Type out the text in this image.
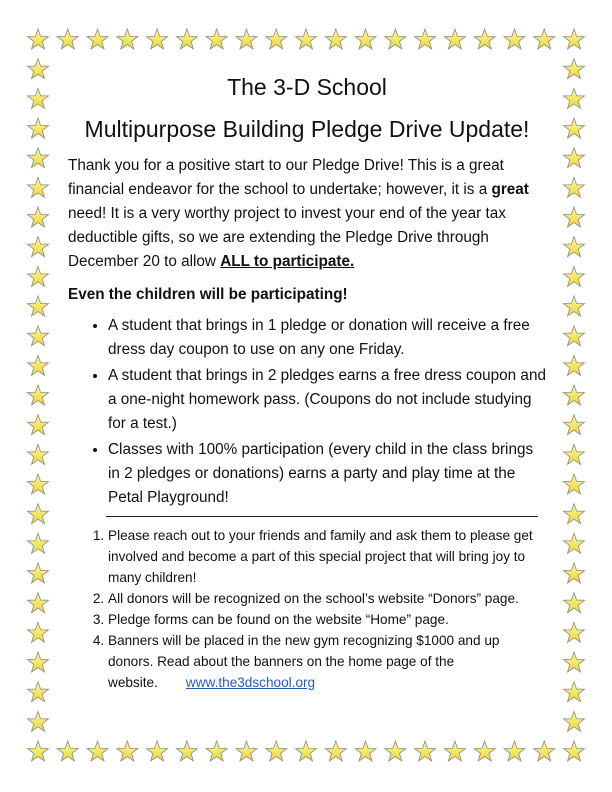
The 3-D School
Multipurpose Building Pledge Drive Update!

Thank you for a positive start to our Pledge Drive! This is a great financial endeavor for the school to undertake; however, it is a great need! It is a very worthy project to invest your end of the year tax deductible gifts, so we are extending the Pledge Drive through December 20 to allow ALL to participate.

Even the children will be participating!
• A student that brings in 1 pledge or donation will receive a free dress day coupon to use on any one Friday.
• A student that brings in 2 pledges earns a free dress coupon and a one-night homework pass. (Coupons do not include studying for a test.)
• Classes with 100% participation (every child in the class brings in 2 pledges or donations) earns a party and play time at the Petal Playground!
1. Please reach out to your friends and family and ask them to please get involved and become a part of this special project that will bring joy to many children!
2. All donors will be recognized on the school’s website “Donors” page.
3. Pledge forms can be found on the website “Home” page.
4. Banners will be placed in the new gym recognizing $1000 and up donors. Read about the banners on the home page of the website. www.the3dschool.org
